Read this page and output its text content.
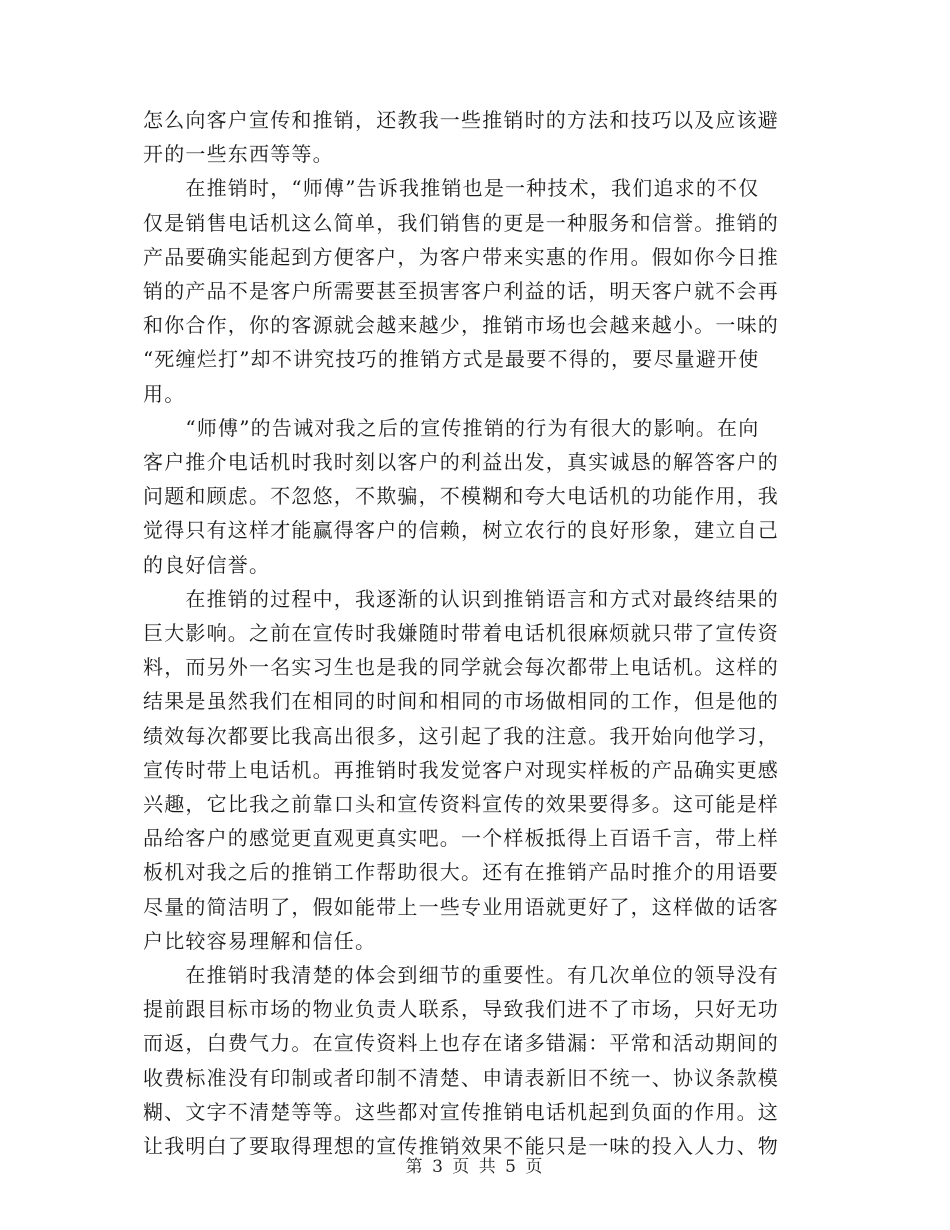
怎么向客户宣传和推销，还教我一些推销时的方法和技巧以及应该避
开的一些东西等等。

　　在推销时，“师傅”告诉我推销也是一种技术，我们追求的不仅
仅是销售电话机这么简单，我们销售的更是一种服务和信誉。推销的
产品要确实能起到方便客户，为客户带来实惠的作用。假如你今日推
销的产品不是客户所需要甚至损害客户利益的话，明天客户就不会再
和你合作，你的客源就会越来越少，推销市场也会越来越小。一味的
“死缠烂打”却不讲究技巧的推销方式是最要不得的，要尽量避开使
用。

　　“师傅”的告诫对我之后的宣传推销的行为有很大的影响。在向
客户推介电话机时我时刻以客户的利益出发，真实诚恳的解答客户的
问题和顾虑。不忽悠，不欺骗，不模糊和夸大电话机的功能作用，我
觉得只有这样才能赢得客户的信赖，树立农行的良好形象，建立自己
的良好信誉。

　　在推销的过程中，我逐渐的认识到推销语言和方式对最终结果的
巨大影响。之前在宣传时我嫌随时带着电话机很麻烦就只带了宣传资
料，而另外一名实习生也是我的同学就会每次都带上电话机。这样的
结果是虽然我们在相同的时间和相同的市场做相同的工作，但是他的
绩效每次都要比我高出很多，这引起了我的注意。我开始向他学习，
宣传时带上电话机。再推销时我发觉客户对现实样板的产品确实更感
兴趣，它比我之前靠口头和宣传资料宣传的效果要得多。这可能是样
品给客户的感觉更直观更真实吧。一个样板抵得上百语千言，带上样
板机对我之后的推销工作帮助很大。还有在推销产品时推介的用语要
尽量的简洁明了，假如能带上一些专业用语就更好了，这样做的话客
户比较容易理解和信任。

　　在推销时我清楚的体会到细节的重要性。有几次单位的领导没有
提前跟目标市场的物业负责人联系，导致我们进不了市场，只好无功
而返，白费气力。在宣传资料上也存在诸多错漏：平常和活动期间的
收费标准没有印制或者印制不清楚、申请表新旧不统一、协议条款模
糊、文字不清楚等等。这些都对宣传推销电话机起到负面的作用。这
让我明白了要取得理想的宣传推销效果不能只是一味的投入人力、物

第 3 页 共 5 页
